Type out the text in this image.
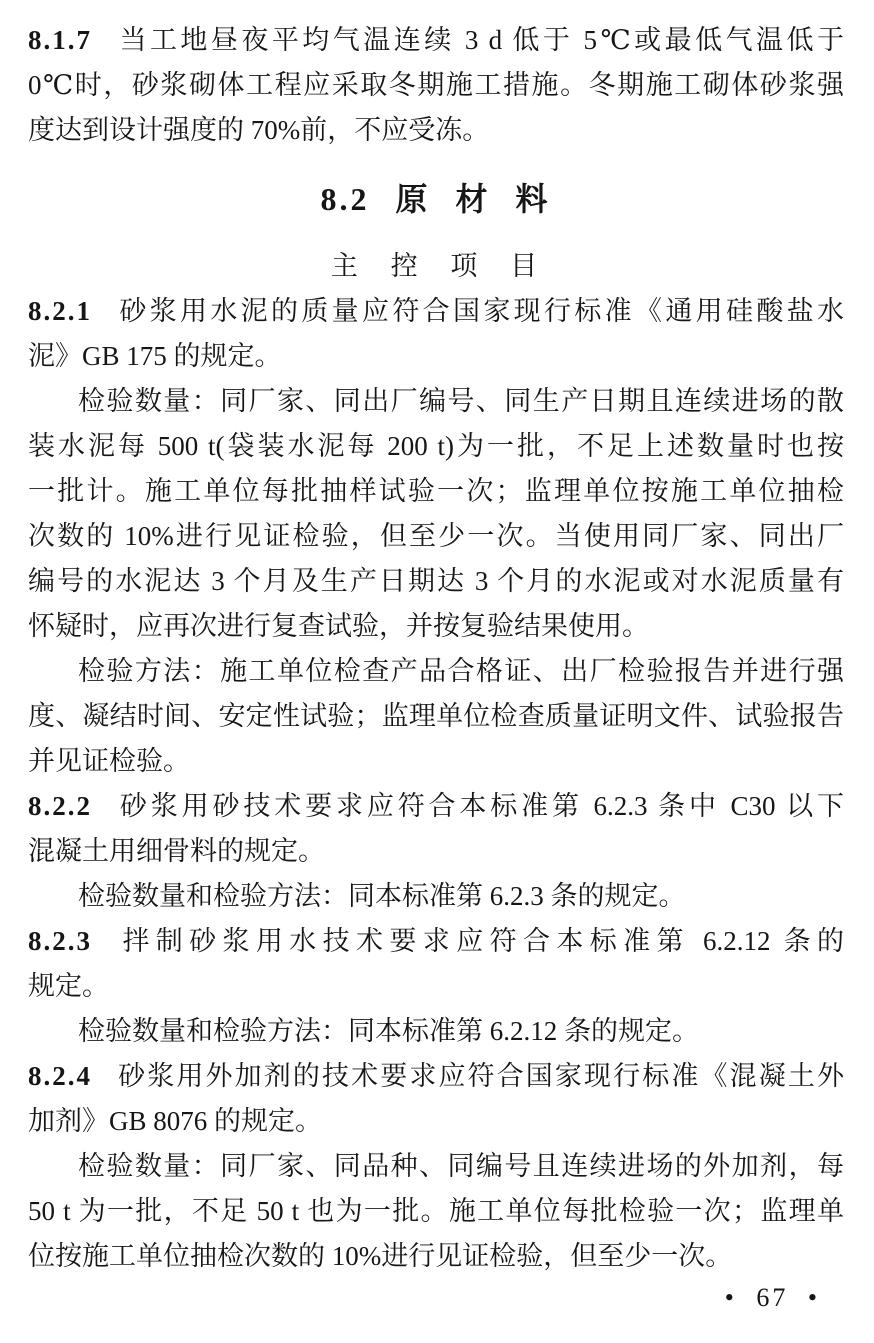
8.1.7 当工地昼夜平均气温连续 3 d 低于 5℃或最低气温低于

0℃时，砂浆砌体工程应采取冬期施工措施。冬期施工砌体砂浆强

度达到设计强度的 70%前，不应受冻。

8.2 原 材 料
主 控 项 目

8.2.1 砂浆用水泥的质量应符合国家现行标准《通用硅酸盐水

泥》GB 175 的规定。

检验数量：同厂家、同出厂编号、同生产日期且连续进场的散

装水泥每 500 t(袋装水泥每 200 t)为一批，不足上述数量时也按

一批计。施工单位每批抽样试验一次；监理单位按施工单位抽检

次数的 10%进行见证检验，但至少一次。当使用同厂家、同出厂

编号的水泥达 3 个月及生产日期达 3 个月的水泥或对水泥质量有

怀疑时，应再次进行复查试验，并按复验结果使用。

检验方法：施工单位检查产品合格证、出厂检验报告并进行强

度、凝结时间、安定性试验；监理单位检查质量证明文件、试验报告

并见证检验。

8.2.2 砂浆用砂技术要求应符合本标准第 6.2.3 条中 C30 以下

混凝土用细骨料的规定。

检验数量和检验方法：同本标准第 6.2.3 条的规定。

8.2.3 拌制砂浆用水技术要求应符合本标准第 6.2.12 条的

规定。

检验数量和检验方法：同本标准第 6.2.12 条的规定。

8.2.4 砂浆用外加剂的技术要求应符合国家现行标准《混凝土外

加剂》GB 8076 的规定。

检验数量：同厂家、同品种、同编号且连续进场的外加剂，每

50 t 为一批，不足 50 t 也为一批。施工单位每批检验一次；监理单

位按施工单位抽检次数的 10%进行见证检验，但至少一次。

• 67 •
